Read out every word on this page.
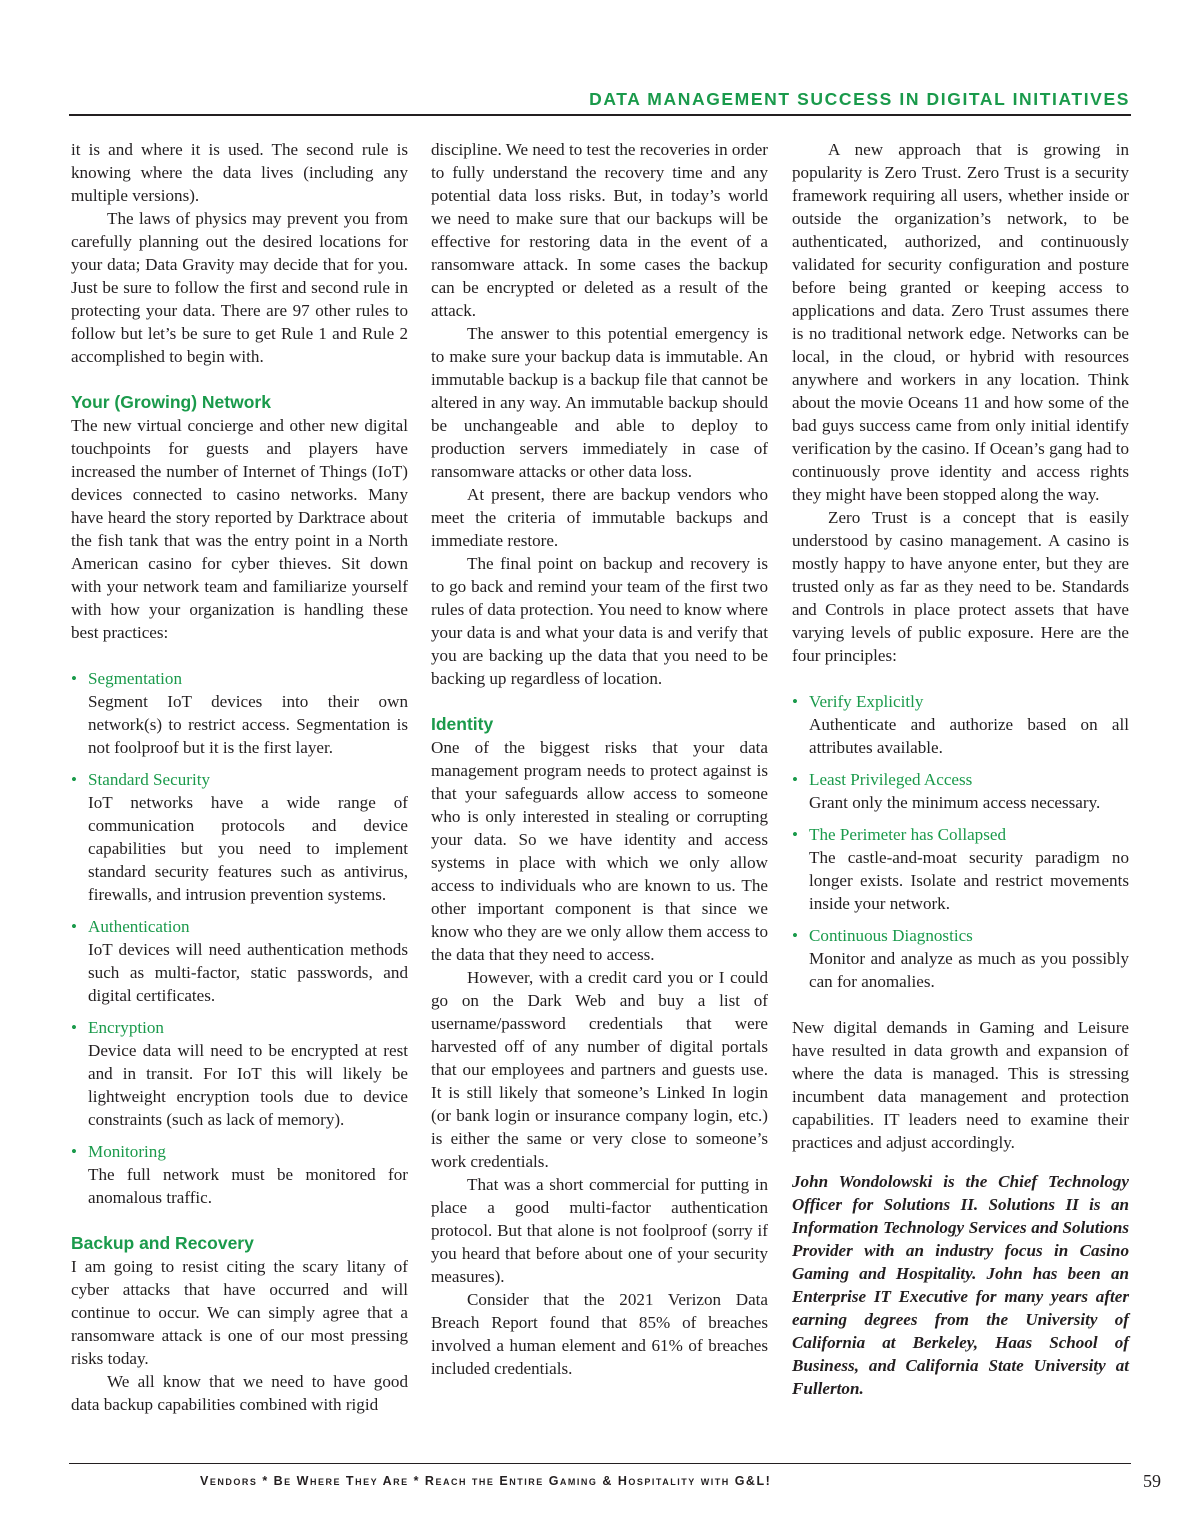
DATA MANAGEMENT SUCCESS IN DIGITAL INITIATIVES

it is and where it is used. The second rule is knowing where the data lives (including any multiple versions).

The laws of physics may prevent you from carefully planning out the desired locations for your data; Data Gravity may decide that for you. Just be sure to follow the first and second rule in protecting your data. There are 97 other rules to follow but let’s be sure to get Rule 1 and Rule 2 accomplished to begin with.

Your (Growing) Network

The new virtual concierge and other new digital touchpoints for guests and players have increased the number of Internet of Things (IoT) devices connected to casino networks. Many have heard the story reported by Darktrace about the fish tank that was the entry point in a North American casino for cyber thieves. Sit down with your network team and familiarize yourself with how your organization is handling these best practices:

• Segmentation
Segment IoT devices into their own network(s) to restrict access. Segmentation is not foolproof but it is the first layer.
• Standard Security
IoT networks have a wide range of communication protocols and device capabilities but you need to implement standard security features such as antivirus, firewalls, and intrusion prevention systems.
• Authentication
IoT devices will need authentication methods such as multi-factor, static passwords, and digital certificates.
• Encryption
Device data will need to be encrypted at rest and in transit. For IoT this will likely be lightweight encryption tools due to device constraints (such as lack of memory).
• Monitoring
The full network must be monitored for anomalous traffic.
Backup and Recovery

I am going to resist citing the scary litany of cyber attacks that have occurred and will continue to occur. We can simply agree that a ransomware attack is one of our most pressing risks today.

We all know that we need to have good data backup capabilities combined with rigid

discipline. We need to test the recoveries in order to fully understand the recovery time and any potential data loss risks. But, in today’s world we need to make sure that our backups will be effective for restoring data in the event of a ransomware attack. In some cases the backup can be encrypted or deleted as a result of the attack.

The answer to this potential emergency is to make sure your backup data is immutable. An immutable backup is a backup file that cannot be altered in any way. An immutable backup should be unchangeable and able to deploy to production servers immediately in case of ransomware attacks or other data loss.

At present, there are backup vendors who meet the criteria of immutable backups and immediate restore.

The final point on backup and recovery is to go back and remind your team of the first two rules of data protection. You need to know where your data is and what your data is and verify that you are backing up the data that you need to be backing up regardless of location.

Identity

One of the biggest risks that your data management program needs to protect against is that your safeguards allow access to someone who is only interested in stealing or corrupting your data. So we have identity and access systems in place with which we only allow access to individuals who are known to us. The other important component is that since we know who they are we only allow them access to the data that they need to access.

However, with a credit card you or I could go on the Dark Web and buy a list of username/password credentials that were harvested off of any number of digital portals that our employees and partners and guests use. It is still likely that someone’s Linked In login (or bank login or insurance company login, etc.) is either the same or very close to someone’s work credentials.

That was a short commercial for putting in place a good multi-factor authentication protocol. But that alone is not foolproof (sorry if you heard that before about one of your security measures).

Consider that the 2021 Verizon Data Breach Report found that 85% of breaches involved a human element and 61% of breaches included credentials.

A new approach that is growing in popularity is Zero Trust. Zero Trust is a security framework requiring all users, whether inside or outside the organization’s network, to be authenticated, authorized, and continuously validated for security configuration and posture before being granted or keeping access to applications and data. Zero Trust assumes there is no traditional network edge. Networks can be local, in the cloud, or hybrid with resources anywhere and workers in any location. Think about the movie Oceans 11 and how some of the bad guys success came from only initial identify verification by the casino. If Ocean’s gang had to continuously prove identity and access rights they might have been stopped along the way.

Zero Trust is a concept that is easily understood by casino management. A casino is mostly happy to have anyone enter, but they are trusted only as far as they need to be. Standards and Controls in place protect assets that have varying levels of public exposure. Here are the four principles:

• Verify Explicitly
Authenticate and authorize based on all attributes available.
• Least Privileged Access
Grant only the minimum access necessary.
• The Perimeter has Collapsed
The castle-and-moat security paradigm no longer exists. Isolate and restrict movements inside your network.
• Continuous Diagnostics
Monitor and analyze as much as you possibly can for anomalies.

New digital demands in Gaming and Leisure have resulted in data growth and expansion of where the data is managed. This is stressing incumbent data management and protection capabilities. IT leaders need to examine their practices and adjust accordingly.

John Wondolowski is the Chief Technology Officer for Solutions II. Solutions II is an Information Technology Services and Solutions Provider with an industry focus in Casino Gaming and Hospitality. John has been an Enterprise IT Executive for many years after earning degrees from the University of California at Berkeley, Haas School of Business, and California State University at Fullerton.

Vendors * Be Where They Are * Reach the Entire Gaming & Hospitality with G&L!	59
